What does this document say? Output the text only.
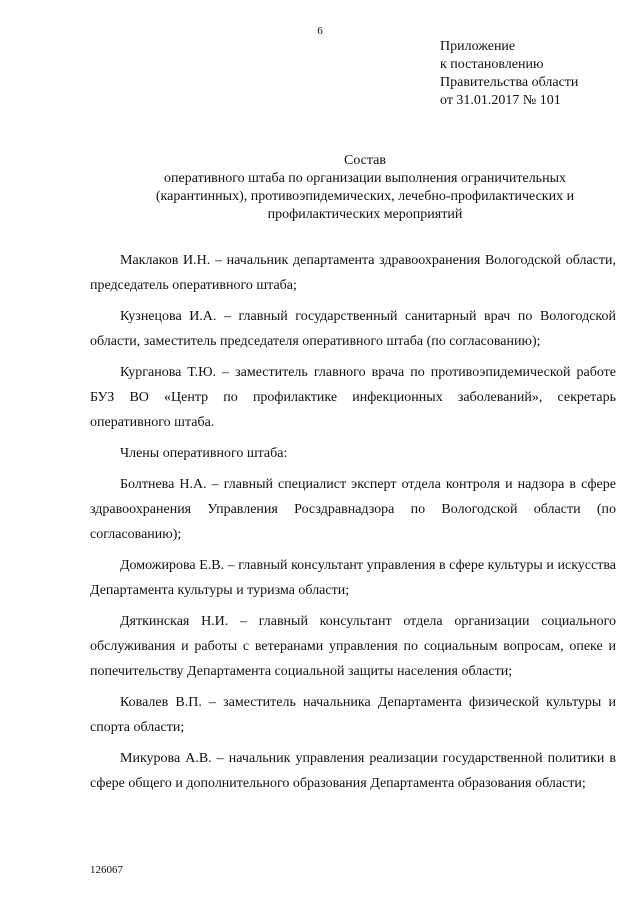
6
Приложение
к постановлению
Правительства области
от 31.01.2017 № 101
Состав
оперативного штаба по организации выполнения ограничительных
(карантинных), противоэпидемических, лечебно-профилактических и
профилактических мероприятий

Маклаков И.Н. – начальник департамента здравоохранения Вологодской области, председатель оперативного штаба;

Кузнецова И.А. – главный государственный санитарный врач по Вологодской области, заместитель председателя оперативного штаба (по согласованию);

Курганова Т.Ю. – заместитель главного врача по противоэпидемической работе БУЗ ВО «Центр по профилактике инфекционных заболеваний», секретарь оперативного штаба.

Члены оперативного штаба:

Болтнева Н.А. – главный специалист эксперт отдела контроля и надзора в сфере здравоохранения Управления Росздравнадзора по Вологодской области (по согласованию);

Доможирова Е.В. – главный консультант управления в сфере культуры и искусства Департамента культуры и туризма области;

Дяткинская Н.И. – главный консультант отдела организации социального обслуживания и работы с ветеранами управления по социальным вопросам, опеке и попечительству Департамента социальной защиты населения области;

Ковалев В.П. – заместитель начальника Департамента физической культуры и спорта области;

Микурова А.В. – начальник управления реализации государственной политики в сфере общего и дополнительного образования Департамента образования области;

126067
